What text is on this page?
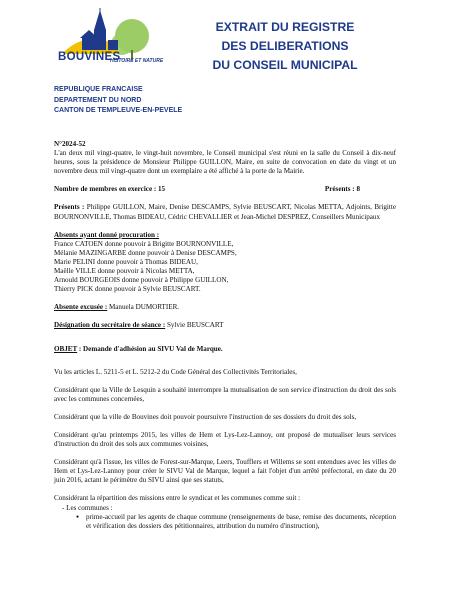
BOUVINES
HISTOIRE ET NATURE
EXTRAIT DU REGISTRE
DES DELIBERATIONS
DU CONSEIL MUNICIPAL
REPUBLIQUE FRANCAISE
DEPARTEMENT DU NORD
CANTON DE TEMPLEUVE-EN-PEVELE

N°2024-52

L'an deux mil vingt-quatre, le vingt-huit novembre, le Conseil municipal s'est réuni en la salle du Conseil à dix-neuf heures, sous la présidence de Monsieur Philippe GUILLON, Maire, en suite de convocation en date du vingt et un novembre deux mil vingt-quatre dont un exemplaire a été affiché à la porte de la Mairie.

Nombre de membres en exercice : 15	Présents : 8

Présents : Philippe GUILLON, Maire, Denise DESCAMPS, Sylvie BEUSCART, Nicolas METTA, Adjoints, Brigitte BOURNONVILLE, Thomas BIDEAU, Cédric CHEVALLIER et Jean-Michel DESPREZ, Conseillers Municipaux

Absents ayant donné procuration :

France CATOEN donne pouvoir à Brigitte BOURNONVILLE,

Mélanie MAZINGARBE donne pouvoir à Denise DESCAMPS,

Marie PELINI donne pouvoir à Thomas BIDEAU,

Maëlle VILLE donne pouvoir à Nicolas METTA,

Arnould BOURGEOIS donne pouvoir à Philippe GUILLON,

Thierry PICK donne pouvoir à Sylvie BEUSCART.

Absente excusée : Manuela DUMORTIER.

Désignation du secrétaire de séance : Sylvie BEUSCART

OBJET : Demande d'adhésion au SIVU Val de Marque.

Vu les articles L. 5211-5 et L. 5212-2 du Code Général des Collectivités Territoriales,

Considérant que la Ville de Lesquin a souhaité interrompre la mutualisation de son service d'instruction du droit des sols avec les communes concernées,

Considérant que la ville de Bouvines doit pouvoir poursuivre l'instruction de ses dossiers du droit des sols,

Considérant qu'au printemps 2015, les villes de Hem et Lys-Lez-Lannoy, ont proposé de mutualiser leurs services d'instruction du droit des sols aux communes voisines,

Considérant qu'à l'issue, les villes de Forest-sur-Marque, Leers, Toufflers et Willems se sont entendues avec les villes de Hem et Lys-Lez-Lannoy pour créer le SIVU Val de Marque, lequel a fait l'objet d'un arrêté préfectoral, en date du 20 juin 2016, actant le périmètre du SIVU ainsi que ses statuts,

Considérant la répartition des missions entre le syndicat et les communes comme suit :

- Les communes :
● prime-accueil par les agents de chaque commune (renseignements de base, remise des documents, réception et vérification des dossiers des pétitionnaires, attribution du numéro d'instruction),
